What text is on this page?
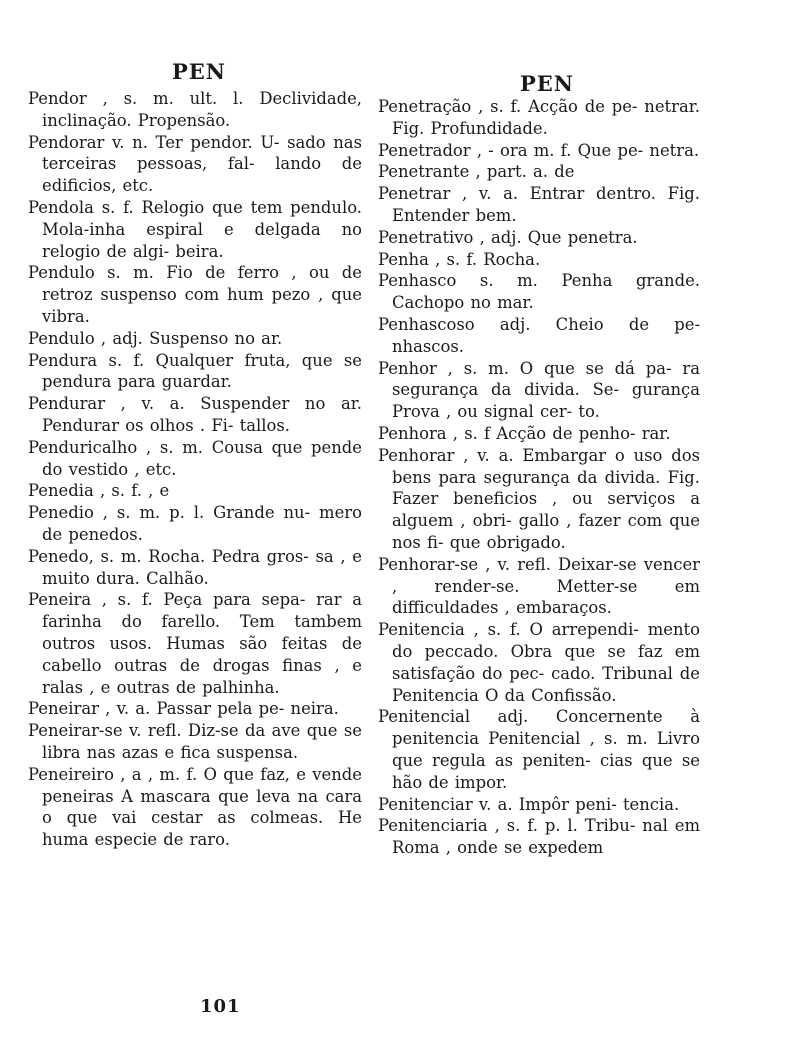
PEN	PEN

Pendor , s. m. ult. l. Declividade, inclinação. Propensão.

Pendorar v. n. Ter pendor. U- sado nas terceiras pessoas, fal- lando de edificios, etc.

Pendola s. f. Relogio que tem pendulo. Mola-inha espiral e delgada no relogio de algi- beira.

Pendulo s. m. Fio de ferro , ou de retroz suspenso com hum pezo , que vibra.

Pendulo , adj. Suspenso no ar.

Pendura s. f. Qualquer fruta, que se pendura para guardar.

Pendurar , v. a. Suspender no ar. Pendurar os olhos . Fi- tallos.

Penduricalho , s. m. Cousa que pende do vestido , etc.

Penedia , s. f. , e

Penedio , s. m. p. l. Grande nu- mero de penedos.

Penedo, s. m. Rocha. Pedra gros- sa , e muito dura. Calhão.

Peneira , s. f. Peça para sepa- rar a farinha do farello. Tem tambem outros usos. Humas são feitas de cabello outras de drogas finas , e ralas , e outras de palhinha.

Peneirar , v. a. Passar pela pe- neira.

Peneirar-se v. refl. Diz-se da ave que se libra nas azas e fica suspensa.

Peneireiro , a , m. f. O que faz, e vende peneiras A mascara que leva na cara o que vai cestar as colmeas. He huma especie de raro.

Penetração , s. f. Acção de pe- netrar. Fig. Profundidade.

Penetrador , - ora m. f. Que pe- netra.

Penetrante , part. a. de

Penetrar , v. a. Entrar dentro. Fig. Entender bem.

Penetrativo , adj. Que penetra.

Penha , s. f. Rocha.

Penhasco s. m. Penha grande. Cachopo no mar.

Penhascoso adj. Cheio de pe- nhascos.

Penhor , s. m. O que se dá pa- ra segurança da divida. Se- gurança Prova , ou signal cer- to.

Penhora , s. f Acção de penho- rar.

Penhorar , v. a. Embargar o uso dos bens para segurança da divida. Fig. Fazer beneficios , ou serviços a alguem , obri- gallo , fazer com que nos fi- que obrigado.

Penhorar-se , v. refl. Deixar-se vencer , render-se. Metter-se em difficuldades , embaraços.

Penitencia , s. f. O arrependi- mento do peccado. Obra que se faz em satisfação do pec- cado. Tribunal de Penitencia O da Confissão.

Penitencial adj. Concernente à penitencia Penitencial , s. m. Livro que regula as peniten- cias que se hão de impor.

Penitenciar v. a. Impôr peni- tencia.

Penitenciaria , s. f. p. l. Tribu- nal em Roma , onde se expedem

101
